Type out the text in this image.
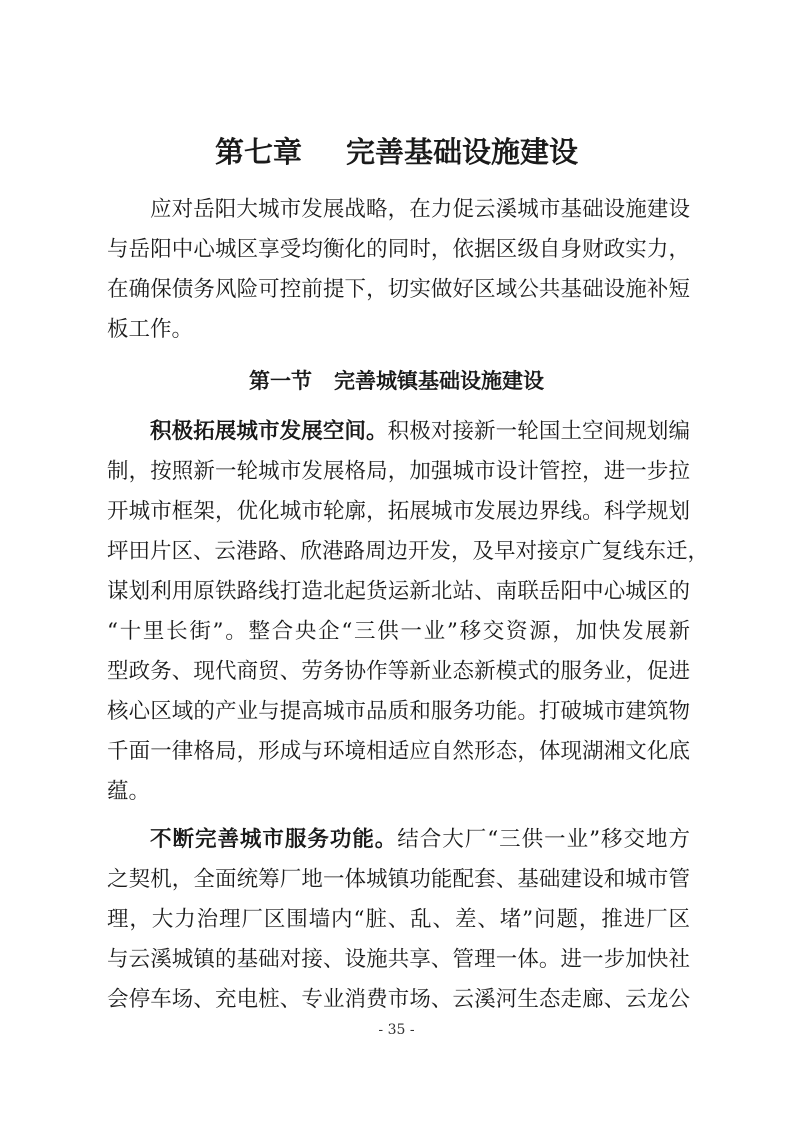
第七章 完善基础设施建设
应对岳阳大城市发展战略，在力促云溪城市基础设施建设
与岳阳中心城区享受均衡化的同时，依据区级自身财政实力，
在确保债务风险可控前提下，切实做好区域公共基础设施补短
板工作。
第一节 完善城镇基础设施建设
积极拓展城市发展空间。积极对接新一轮国土空间规划编
制，按照新一轮城市发展格局，加强城市设计管控，进一步拉
开城市框架，优化城市轮廓，拓展城市发展边界线。科学规划
坪田片区、云港路、欣港路周边开发，及早对接京广复线东迁，
谋划利用原铁路线打造北起货运新北站、南联岳阳中心城区的
“十里长街”。整合央企“三供一业”移交资源，加快发展新
型政务、现代商贸、劳务协作等新业态新模式的服务业，促进
核心区域的产业与提高城市品质和服务功能。打破城市建筑物
千面一律格局，形成与环境相适应自然形态，体现湖湘文化底
蕴。
不断完善城市服务功能。结合大厂“三供一业”移交地方
之契机，全面统筹厂地一体城镇功能配套、基础建设和城市管
理，大力治理厂区围墙内“脏、乱、差、堵”问题，推进厂区
与云溪城镇的基础对接、设施共享、管理一体。进一步加快社
会停车场、充电桩、专业消费市场、云溪河生态走廊、云龙公
- 35 -
